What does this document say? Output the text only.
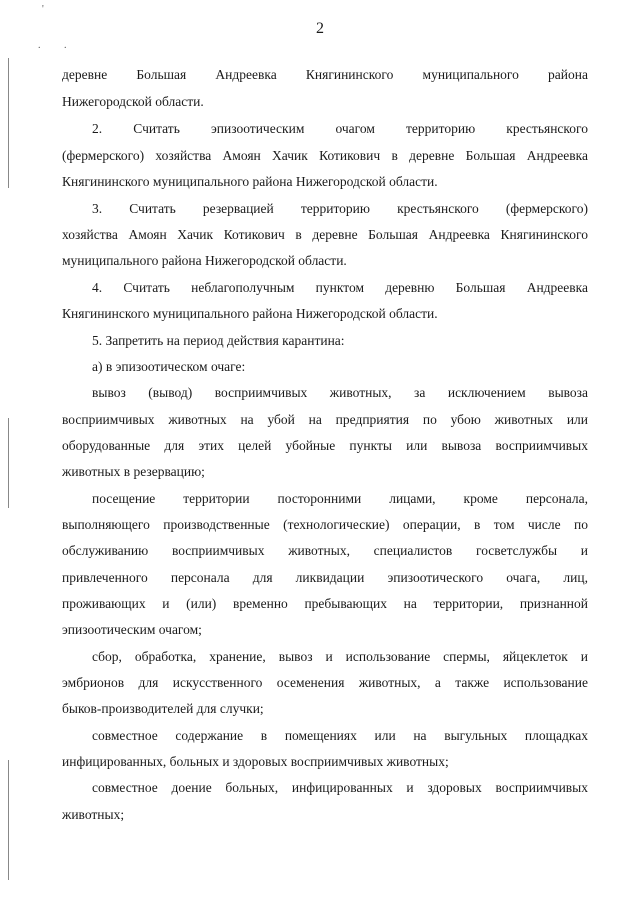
2
'
. .
деревне Большая Андреевка Княгининского муниципального района
Нижегородской области.
2. Считать эпизоотическим очагом территорию крестьянского
(фермерского) хозяйства Амоян Хачик Котикович в деревне Большая Андреевка
Княгининского муниципального района Нижегородской области.
3. Считать резервацией территорию крестьянского (фермерского)
хозяйства Амоян Хачик Котикович в деревне Большая Андреевка Княгининского
муниципального района Нижегородской области.
4. Считать неблагополучным пунктом деревню Большая Андреевка
Княгининского муниципального района Нижегородской области.
5. Запретить на период действия карантина:
а) в эпизоотическом очаге:
вывоз (вывод) восприимчивых животных, за исключением вывоза
восприимчивых животных на убой на предприятия по убою животных или
оборудованные для этих целей убойные пункты или вывоза восприимчивых
животных в резервацию;
посещение территории посторонними лицами, кроме персонала,
выполняющего производственные (технологические) операции, в том числе по
обслуживанию восприимчивых животных, специалистов госветслужбы и
привлеченного персонала для ликвидации эпизоотического очага, лиц,
проживающих и (или) временно пребывающих на территории, признанной
эпизоотическим очагом;
сбор, обработка, хранение, вывоз и использование спермы, яйцеклеток и
эмбрионов для искусственного осеменения животных, а также использование
быков-производителей для случки;
совместное содержание в помещениях или на выгульных площадках
инфицированных, больных и здоровых восприимчивых животных;
совместное доение больных, инфицированных и здоровых восприимчивых
животных;
